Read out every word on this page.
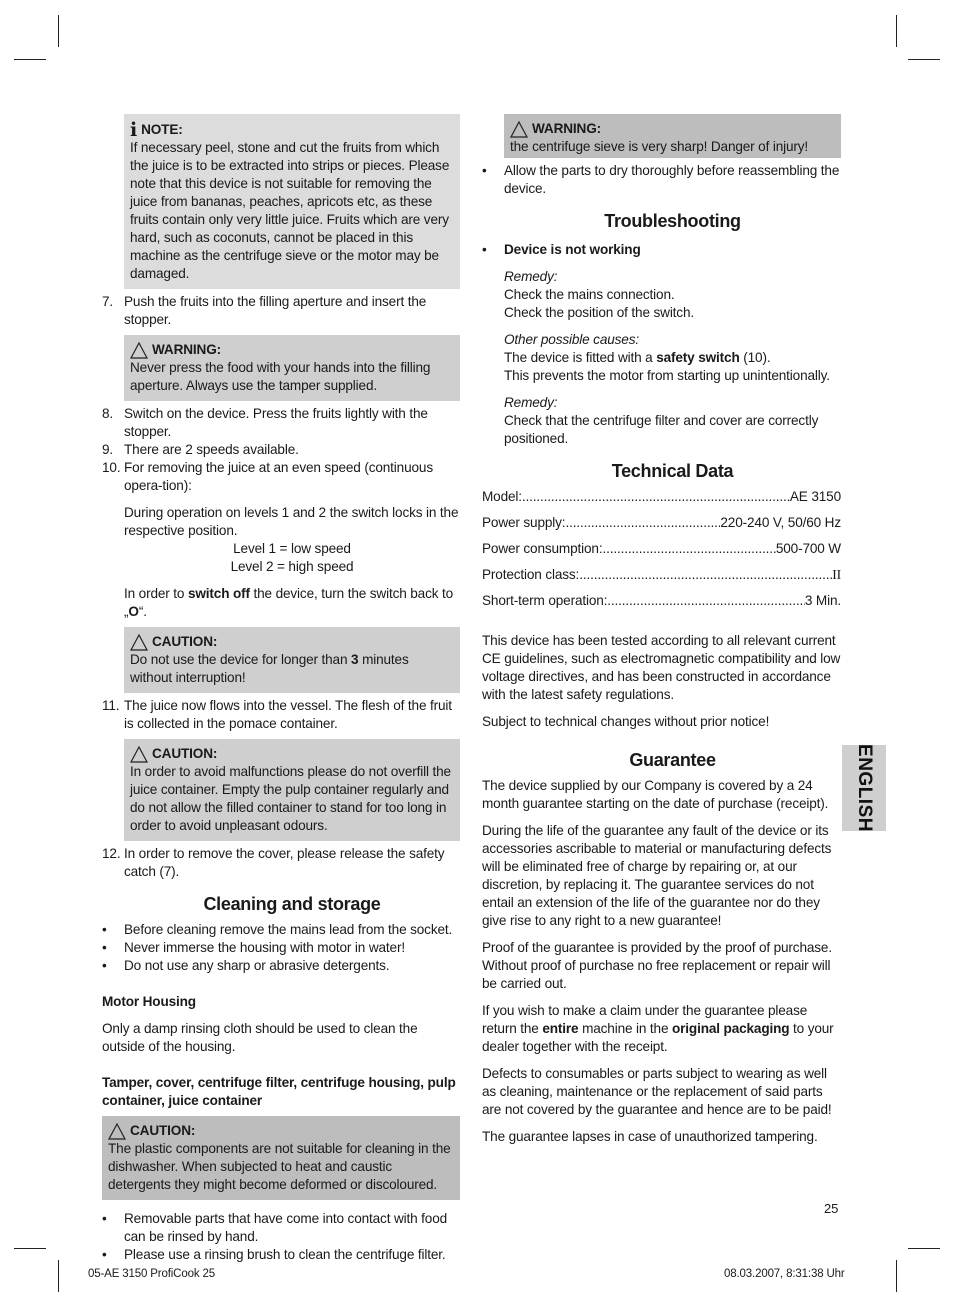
i NOTE:
If necessary peel, stone and cut the fruits from which the juice is to be extracted into strips or pieces. Please note that this device is not suitable for removing the juice from bananas, peaches, apricots etc, as these fruits contain only very little juice. Fruits which are very hard, such as coconuts, cannot be placed in this machine as the centrifuge sieve or the motor may be damaged.
7. Push the fruits into the filling aperture and insert the stopper.
WARNING:
Never press the food with your hands into the filling aperture. Always use the tamper supplied.
8. Switch on the device. Press the fruits lightly with the stopper.
9. There are 2 speeds available.
10. For removing the juice at an even speed (continuous opera-tion):
During operation on levels 1 and 2 the switch locks in the respective position.
Level 1 = low speed
Level 2 = high speed
In order to switch off the device, turn the switch back to „O“.
CAUTION:
Do not use the device for longer than 3 minutes without interruption!
11. The juice now flows into the vessel. The flesh of the fruit is collected in the pomace container.
CAUTION:
In order to avoid malfunctions please do not overfill the juice container. Empty the pulp container regularly and do not allow the filled container to stand for too long in order to avoid unpleasant odours.
12. In order to remove the cover, please release the safety catch (7).
Cleaning and storage
•	Before cleaning remove the mains lead from the socket.
•	Never immerse the housing with motor in water!
•	Do not use any sharp or abrasive detergents.
Motor Housing
Only a damp rinsing cloth should be used to clean the outside of the housing.
Tamper, cover, centrifuge filter, centrifuge housing, pulp container, juice container
CAUTION:
The plastic components are not suitable for cleaning in the dishwasher. When subjected to heat and caustic detergents they might become deformed or discoloured.
•	Removable parts that have come into contact with food can be rinsed by hand.
•	Please use a rinsing brush to clean the centrifuge filter.
WARNING:
the centrifuge sieve is very sharp! Danger of injury!
•	Allow the parts to dry thoroughly before reassembling the device.
Troubleshooting
•	Device is not working
Remedy:
Check the mains connection.
Check the position of the switch.
Other possible causes:
The device is fitted with a safety switch (10).
This prevents the motor from starting up unintentionally.
Remedy:
Check that the centrifuge filter and cover are correctly positioned.
Technical Data
Model: .....	AE 3150
Power supply: .....	220-240 V, 50/60 Hz
Power consumption: .....	500-700 W
Protection class: .....	II
Short-term operation: .....	3 Min.
This device has been tested according to all relevant current CE guidelines, such as electromagnetic compatibility and low voltage directives, and has been constructed in accordance with the latest safety regulations.
Subject to technical changes without prior notice!
Guarantee
The device supplied by our Company is covered by a 24 month guarantee starting on the date of purchase (receipt).
During the life of the guarantee any fault of the device or its accessories ascribable to material or manufacturing defects will be eliminated free of charge by repairing or, at our discretion, by replacing it. The guarantee services do not entail an extension of the life of the guarantee nor do they give rise to any right to a new guarantee!
Proof of the guarantee is provided by the proof of purchase. Without proof of purchase no free replacement or repair will be carried out.
If you wish to make a claim under the guarantee please return the entire machine in the original packaging to your dealer together with the receipt.
Defects to consumables or parts subject to wearing as well as cleaning, maintenance or the replacement of said parts are not covered by the guarantee and hence are to be paid!
The guarantee lapses in case of unauthorized tampering.
ENGLISH
25
05-AE 3150 ProfiCook 25	08.03.2007, 8:31:38 Uhr
